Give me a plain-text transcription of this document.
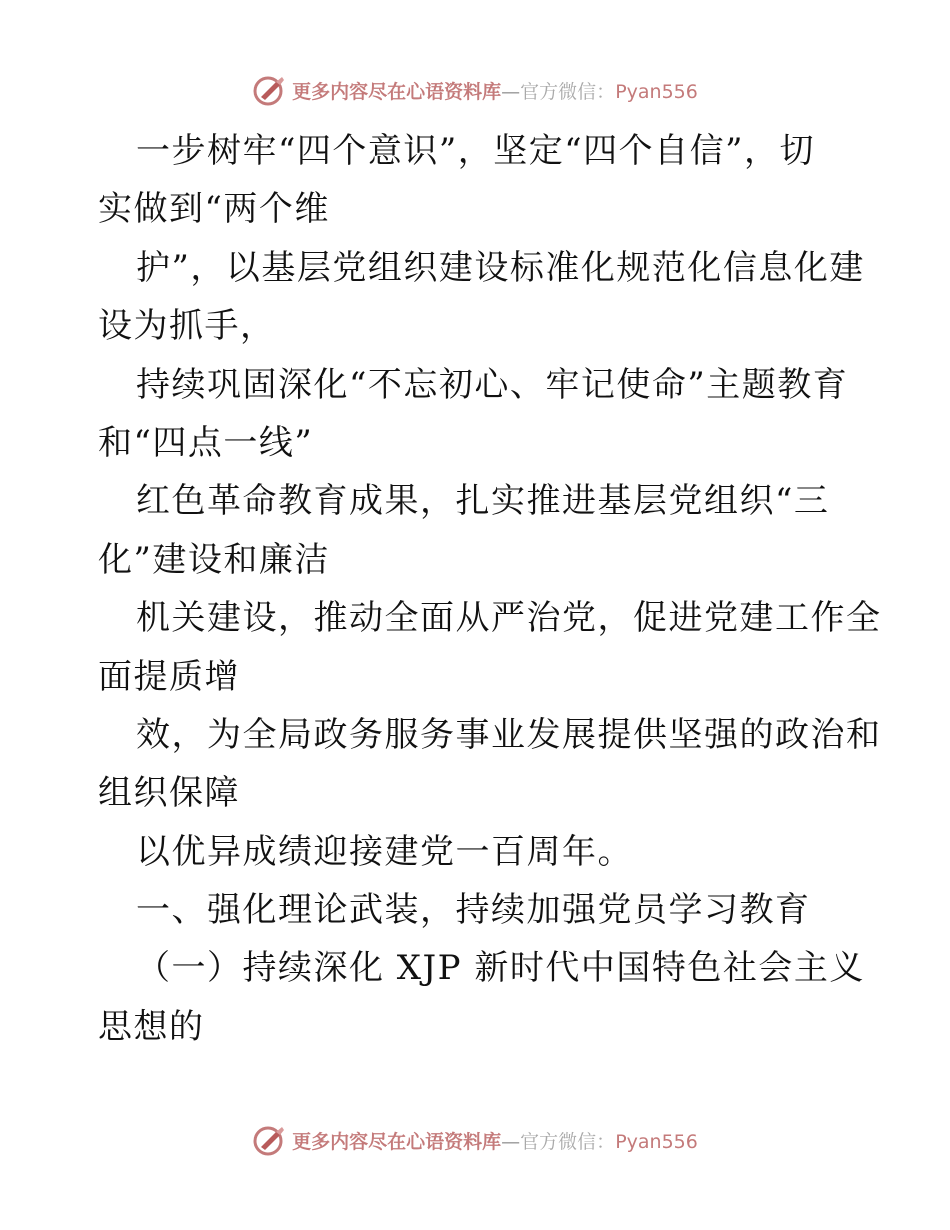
更多内容尽在心语资料库—官方微信：Pyan556
一步树牢“四个意识”，坚定“四个自信”，切
实做到“两个维
护”，以基层党组织建设标准化规范化信息化建
设为抓手，
持续巩固深化“不忘初心、牢记使命”主题教育
和“四点一线”
红色革命教育成果，扎实推进基层党组织“三
化”建设和廉洁
机关建设，推动全面从严治党，促进党建工作全
面提质增
效，为全局政务服务事业发展提供坚强的政治和
组织保障
以优异成绩迎接建党一百周年。
一、强化理论武装，持续加强党员学习教育
（一）持续深化 XJP 新时代中国特色社会主义
思想的
更多内容尽在心语资料库—官方微信：Pyan556
